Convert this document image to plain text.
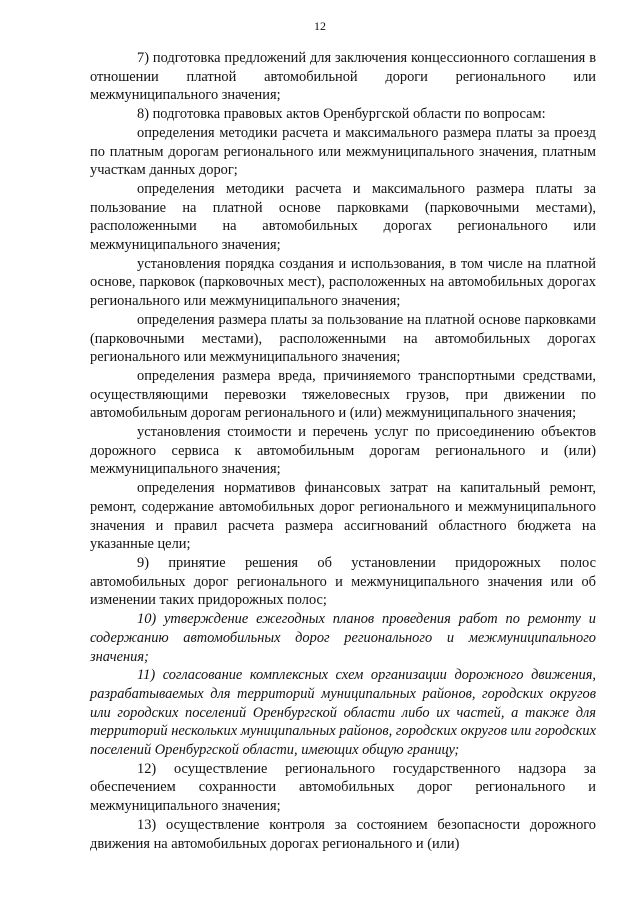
12

7) подготовка предложений для заключения концессионного соглашения в отношении платной автомобильной дороги регионального или межмуниципального значения;

8) подготовка правовых актов Оренбургской области по вопросам:

определения методики расчета и максимального размера платы за проезд по платным дорогам регионального или межмуниципального значения, платным участкам данных дорог;

определения методики расчета и максимального размера платы за пользование на платной основе парковками (парковочными местами), расположенными на автомобильных дорогах регионального или межмуниципального значения;

установления порядка создания и использования, в том числе на платной основе, парковок (парковочных мест), расположенных на автомобильных дорогах регионального или межмуниципального значения;

определения размера платы за пользование на платной основе парковками (парковочными местами), расположенными на автомобильных дорогах регионального или межмуниципального значения;

определения размера вреда, причиняемого транспортными средствами, осуществляющими перевозки тяжеловесных грузов, при движении по автомобильным дорогам регионального и (или) межмуниципального значения;

установления стоимости и перечень услуг по присоединению объектов дорожного сервиса к автомобильным дорогам регионального и (или) межмуниципального значения;

определения нормативов финансовых затрат на капитальный ремонт, ремонт, содержание автомобильных дорог регионального и межмуниципального значения и правил расчета размера ассигнований областного бюджета на указанные цели;

9) принятие решения об установлении придорожных полос автомобильных дорог регионального и межмуниципального значения или об изменении таких придорожных полос;

10) утверждение ежегодных планов проведения работ по ремонту и содержанию автомобильных дорог регионального и межмуниципального значения;

11) согласование комплексных схем организации дорожного движения, разрабатываемых для территорий муниципальных районов, городских округов или городских поселений Оренбургской области либо их частей, а также для территорий нескольких муниципальных районов, городских округов или городских поселений Оренбургской области, имеющих общую границу;

12) осуществление регионального государственного надзора за обеспечением сохранности автомобильных дорог регионального и межмуниципального значения;

13) осуществление контроля за состоянием безопасности дорожного движения на автомобильных дорогах регионального и (или)
